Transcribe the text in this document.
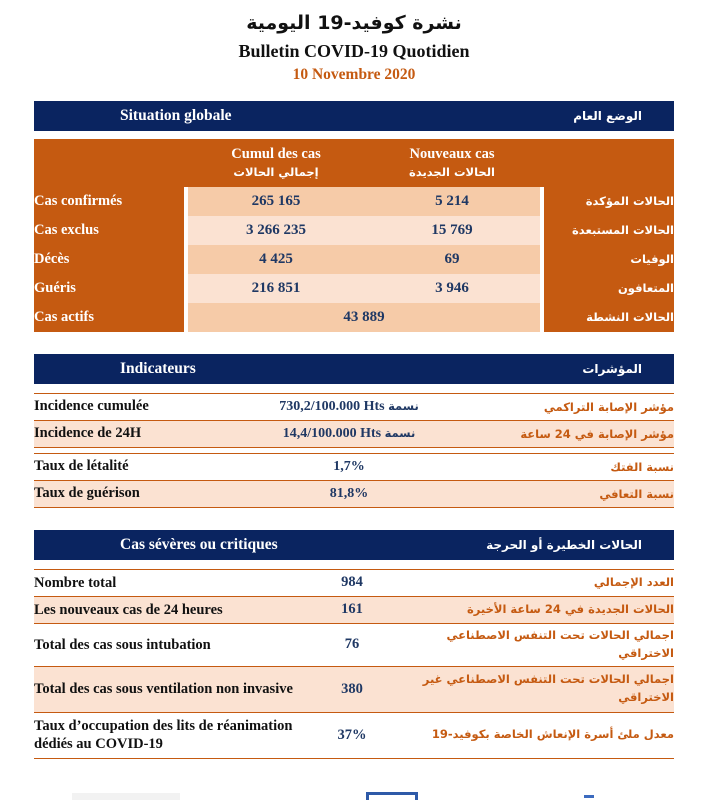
نشرة كوفيد-19 اليومية
Bulletin COVID-19 Quotidien
10 Novembre 2020
Situation globale	الوضع العام

Cumul des cas
إجمالي الحالات

Nouveaux cas
الحالات الجديدة

Cas confirmés		265 165	5 214		الحالات المؤكدة
Cas exclus		3 266 235	15 769		الحالات المستبعدة
Décès		4 425	69		الوفيات
Guéris		216 851	3 946		المتعافون
Cas actifs		43 889			الحالات النشطة
Indicateurs	المؤشرات
Incidence cumulée	730,2/100.000 Hts نسمة	مؤشر الإصابة التراكمي
Incidence de 24H	14,4/100.000 Hts نسمة	مؤشر الإصابة في 24 ساعة

Taux de létalité	1,7%	نسبة الفتك
Taux de guérison	81,8%	نسبة التعافي
Cas sévères ou critiques	الحالات الخطيرة أو الحرجة
Nombre total	984	العدد الإجمالي
Les nouveaux cas de 24 heures	161	الحالات الجديدة في 24 ساعة الأخيرة
Total des cas sous intubation	76	اجمالي الحالات تحت التنفس الاصطناعي الاختراقي
Total des cas sous ventilation non invasive	380	اجمالي الحالات تحت التنفس الاصطناعي غير الاختراقي
Taux d’occupation des lits de réanimation dédiés au COVID-19	37%	معدل ملئ أسرة الإنعاش الخاصة بكوفيد-19
